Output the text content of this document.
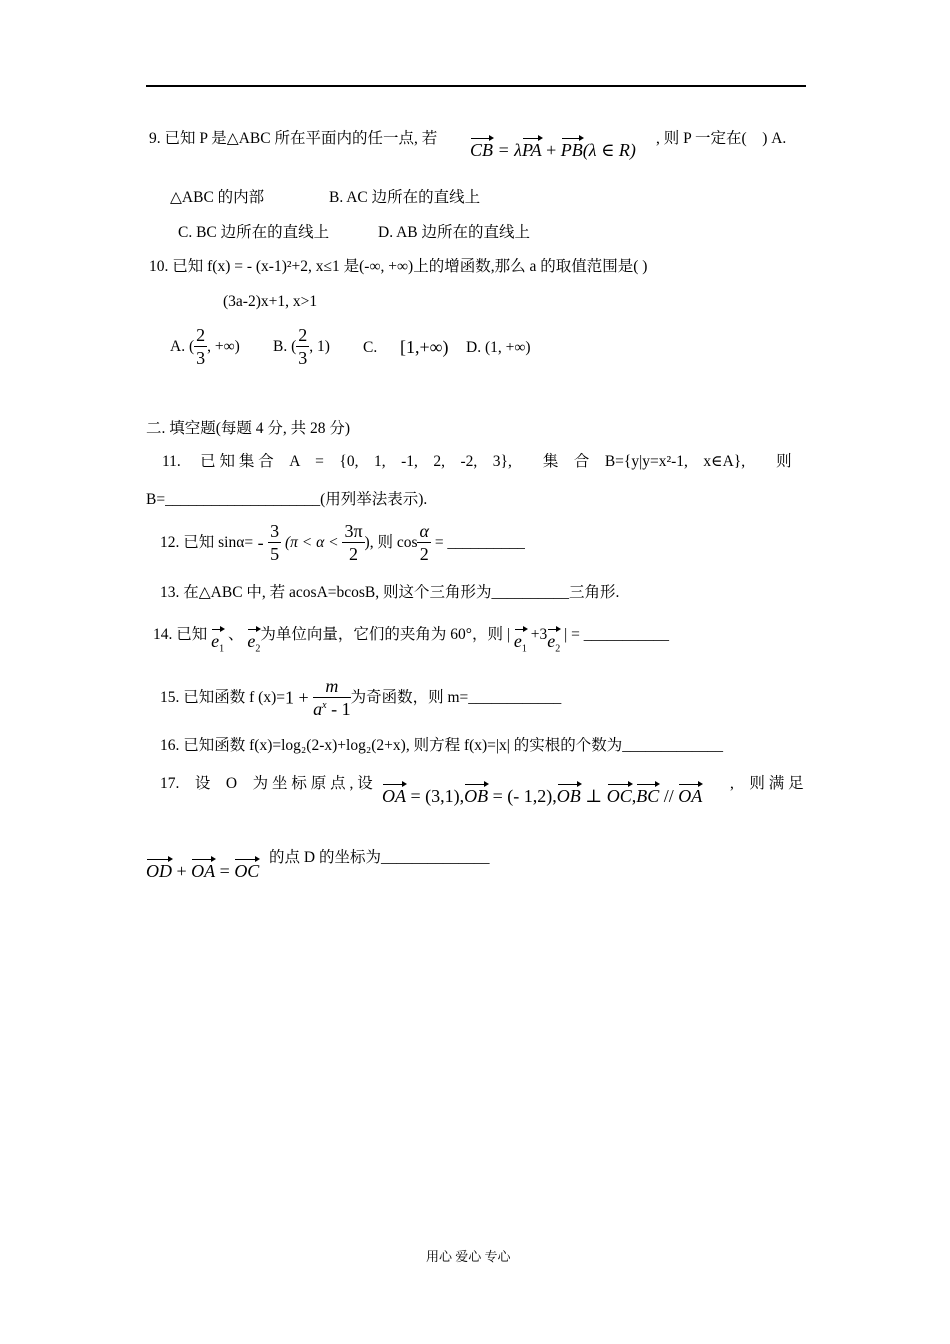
9. 已知 P 是△ABC 所在平面内的任一点, 若
CB = λPA + PB(λ ∈ R)
, 则 P 一定在(　) A.
△ABC 的内部	B. AC 边所在的直线上
C. BC 边所在的直线上	D. AB 边所在的直线上
10. 已知 f(x) = - (x-1)²+2, x≤1 是(-∞, +∞)上的增函数,那么 a 的取值范围是( )
(3a-2)x+1, x>1
A. ( $\frac{2}{3}$ , +∞) B. ( $\frac{2}{3}$ , 1) C. [1,+∞) D. (1, +∞)
二. 填空题(每题 4 分, 共 28 分)
11.　 已 知 集 合　A　=　{0,　1,　-1,　2,　-2,　3},　　集　合　B={y|y=x²-1,　x∈A},　　则
B=____________________(用列举法表示).
12. 已知 $\sin\alpha= - \frac{3}{5} (\pi < \alpha < \frac{3\pi}{2}$ ), 则 $\cos \frac{\alpha}{2}$ = __________
13. 在△ABC 中, 若 acosA=bcosB, 则这个三角形为__________三角形.
14. 已知 $e_1$ 、 $e_2$为单位向量，它们的夹角为 60°，则 | $e_1 +3e_2$ | = ___________
15. 已知函数 f $(x)=1 + \frac{m}{a^x - 1}$ 为奇函数，则 m=____________
16. 已知函数 f(x)=log₂(2-x)+log₂(2+x), 则方程 f(x)=|x| 的实根的个数为_____________
17.　设　O　为 坐 标 原 点 , 设
OA = (3,1),OB = (- 1,2),OB ⊥ OC,BC // OA
,　则 满 足
OD + OA = OC
的点 D 的坐标为______________
用心 爱心 专心
